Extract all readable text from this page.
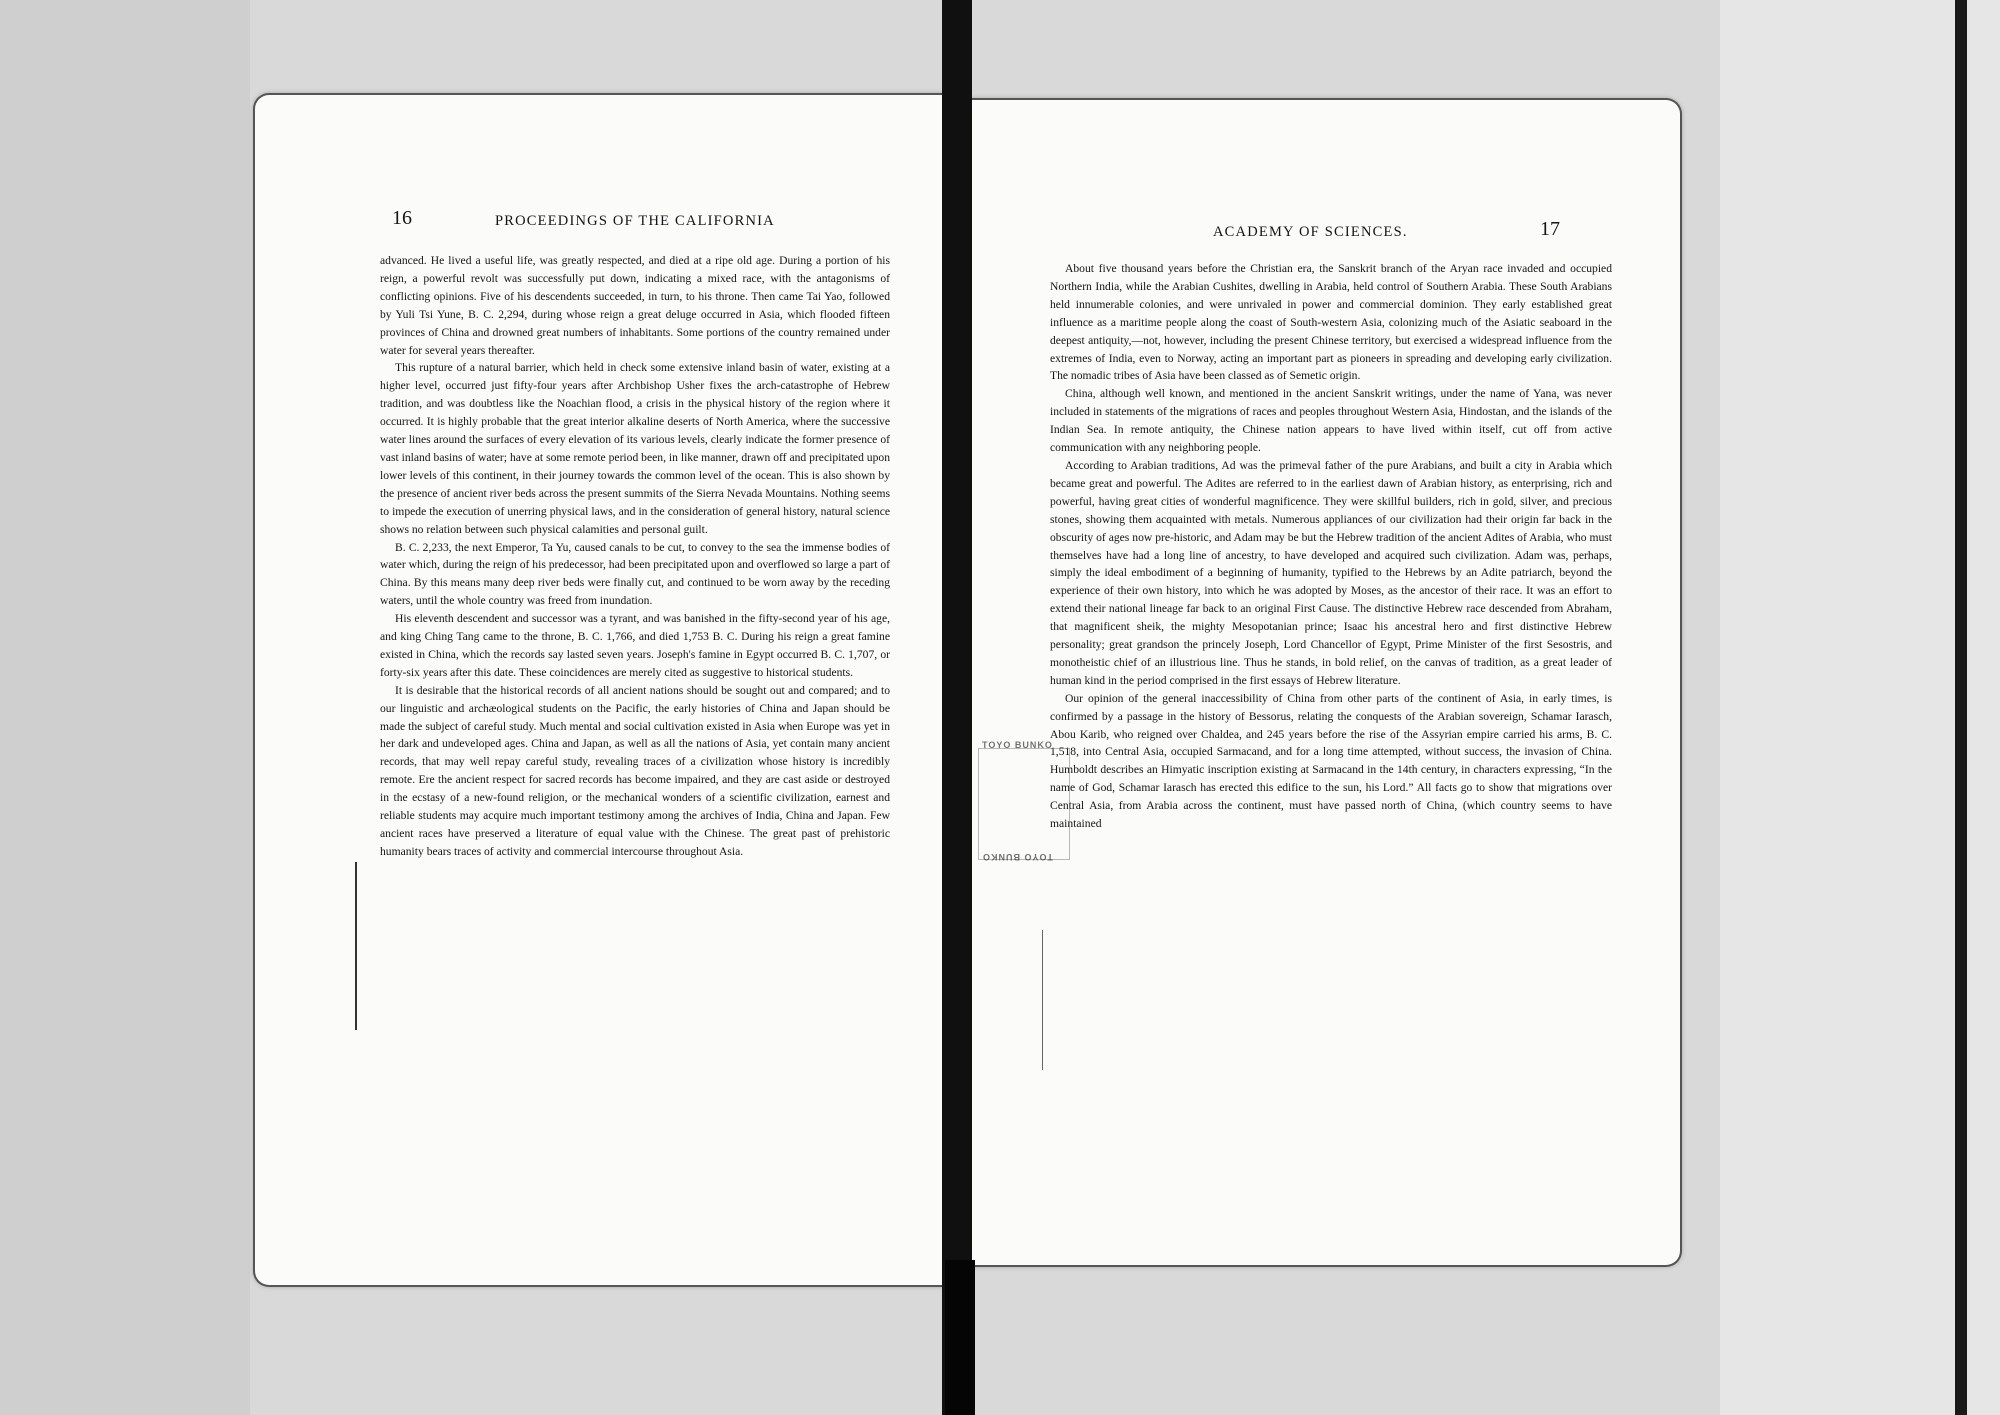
16	PROCEEDINGS OF THE CALIFORNIA

advanced. He lived a useful life, was greatly respected, and died at a ripe old age. During a portion of his reign, a powerful revolt was successfully put down, indicating a mixed race, with the antagonisms of conflicting opinions. Five of his descendents succeeded, in turn, to his throne. Then came Tai Yao, followed by Yuli Tsi Yune, B. C. 2,294, during whose reign a great deluge occurred in Asia, which flooded fifteen provinces of China and drowned great numbers of inhabitants. Some portions of the country remained under water for several years thereafter.

This rupture of a natural barrier, which held in check some extensive inland basin of water, existing at a higher level, occurred just fifty-four years after Archbishop Usher fixes the arch-catastrophe of Hebrew tradition, and was doubtless like the Noachian flood, a crisis in the physical history of the region where it occurred. It is highly probable that the great interior alkaline deserts of North America, where the successive water lines around the surfaces of every elevation of its various levels, clearly indicate the former presence of vast inland basins of water; have at some remote period been, in like manner, drawn off and precipitated upon lower levels of this continent, in their journey towards the common level of the ocean. This is also shown by the presence of ancient river beds across the present summits of the Sierra Nevada Mountains. Nothing seems to impede the execution of unerring physical laws, and in the consideration of general history, natural science shows no relation between such physical calamities and personal guilt.

B. C. 2,233, the next Emperor, Ta Yu, caused canals to be cut, to convey to the sea the immense bodies of water which, during the reign of his predecessor, had been precipitated upon and overflowed so large a part of China. By this means many deep river beds were finally cut, and continued to be worn away by the receding waters, until the whole country was freed from inundation.

His eleventh descendent and successor was a tyrant, and was banished in the fifty-second year of his age, and king Ching Tang came to the throne, B. C. 1,766, and died 1,753 B. C. During his reign a great famine existed in China, which the records say lasted seven years. Joseph's famine in Egypt occurred B. C. 1,707, or forty-six years after this date. These coincidences are merely cited as suggestive to historical students.

It is desirable that the historical records of all ancient nations should be sought out and compared; and to our linguistic and archæological students on the Pacific, the early histories of China and Japan should be made the subject of careful study. Much mental and social cultivation existed in Asia when Europe was yet in her dark and undeveloped ages. China and Japan, as well as all the nations of Asia, yet contain many ancient records, that may well repay careful study, revealing traces of a civilization whose history is incredibly remote. Ere the ancient respect for sacred records has become impaired, and they are cast aside or destroyed in the ecstasy of a new-found religion, or the mechanical wonders of a scientific civilization, earnest and reliable students may acquire much important testimony among the archives of India, China and Japan. Few ancient races have preserved a literature of equal value with the Chinese. The great past of prehistoric humanity bears traces of activity and commercial intercourse throughout Asia.

ACADEMY OF SCIENCES.	17

About five thousand years before the Christian era, the Sanskrit branch of the Aryan race invaded and occupied Northern India, while the Arabian Cushites, dwelling in Arabia, held control of Southern Arabia. These South Arabians held innumerable colonies, and were unrivaled in power and commercial dominion. They early established great influence as a maritime people along the coast of South-western Asia, colonizing much of the Asiatic seaboard in the deepest antiquity,—not, however, including the present Chinese territory, but exercised a widespread influence from the extremes of India, even to Norway, acting an important part as pioneers in spreading and developing early civilization. The nomadic tribes of Asia have been classed as of Semetic origin.

China, although well known, and mentioned in the ancient Sanskrit writings, under the name of Yana, was never included in statements of the migrations of races and peoples throughout Western Asia, Hindostan, and the islands of the Indian Sea. In remote antiquity, the Chinese nation appears to have lived within itself, cut off from active communication with any neighboring people.

According to Arabian traditions, Ad was the primeval father of the pure Arabians, and built a city in Arabia which became great and powerful. The Adites are referred to in the earliest dawn of Arabian history, as enterprising, rich and powerful, having great cities of wonderful magnificence. They were skillful builders, rich in gold, silver, and precious stones, showing them acquainted with metals. Numerous appliances of our civilization had their origin far back in the obscurity of ages now pre-historic, and Adam may be but the Hebrew tradition of the ancient Adites of Arabia, who must themselves have had a long line of ancestry, to have developed and acquired such civilization. Adam was, perhaps, simply the ideal embodiment of a beginning of humanity, typified to the Hebrews by an Adite patriarch, beyond the experience of their own history, into which he was adopted by Moses, as the ancestor of their race. It was an effort to extend their national lineage far back to an original First Cause. The distinctive Hebrew race descended from Abraham, that magnificent sheik, the mighty Mesopotanian prince; Isaac his ancestral hero and first distinctive Hebrew personality; great grandson the princely Joseph, Lord Chancellor of Egypt, Prime Minister of the first Sesostris, and monotheistic chief of an illustrious line. Thus he stands, in bold relief, on the canvas of tradition, as a great leader of human kind in the period comprised in the first essays of Hebrew literature.

Our opinion of the general inaccessibility of China from other parts of the continent of Asia, in early times, is confirmed by a passage in the history of Bessorus, relating the conquests of the Arabian sovereign, Schamar Iarasch, Abou Karib, who reigned over Chaldea, and 245 years before the rise of the Assyrian empire carried his arms, B. C. 1,518, into Central Asia, occupied Sarmacand, and for a long time attempted, without success, the invasion of China. Humboldt describes an Himyatic inscription existing at Sarmacand in the 14th century, in characters expressing, “In the name of God, Schamar Iarasch has erected this edifice to the sun, his Lord.” All facts go to show that migrations over Central Asia, from Arabia across the continent, must have passed north of China, (which country seems to have maintained

TOYO BUNKO
TOYO BUNKO
